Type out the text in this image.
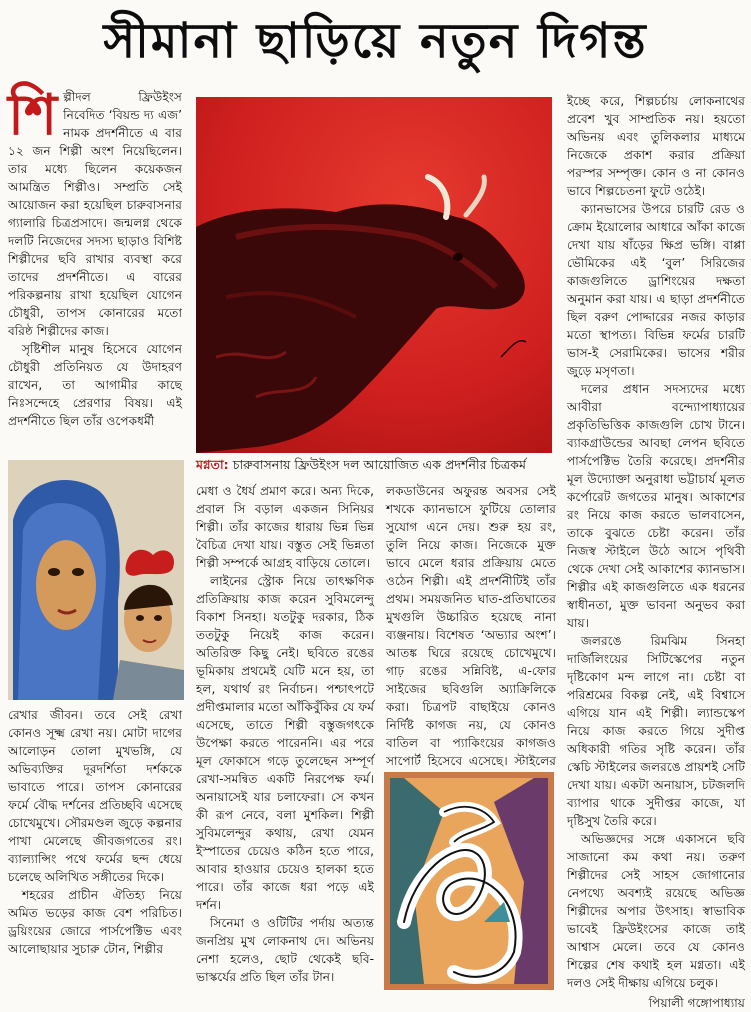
সীমানা ছাড়িয়ে নতুন দিগন্ত
শি ল্পীদল ফ্রিউইংস নিবেদিত ‘বিয়ন্ড দ্য এজ’ নামক প্রদর্শনীতে এ বার ১২ জন শিল্পী অংশ নিয়েছিলেন। তার মধ্যে ছিলেন কয়েকজন আমন্ত্রিত শিল্পীও। সম্প্রতি সেই আয়োজন করা হয়েছিল চারুবাসনার গ্যালারি চিত্রপ্রসাদে। জন্মলগ্ন থেকে দলটি নিজেদের সদস্য ছাড়াও বিশিষ্ট শিল্পীদের ছবি রাখার ব্যবস্থা করে তাদের প্রদর্শনীতে। এ বারের পরিকল্পনায় রাখা হয়েছিল যোগেন চৌধুরী, তাপস কোনারের মতো বরিষ্ঠ শিল্পীদের কাজ।

সৃষ্টিশীল মানুষ হিসেবে যোগেন চৌধুরী প্রতিনিয়ত যে উদাহরণ রাখেন, তা আগামীর কাছে নিঃসন্দেহে প্রেরণার বিষয়। এই প্রদর্শনীতে ছিল তাঁর ওপেকধর্মী

মগ্নতা: চারুবাসনায় ফ্রিউইংস দল আয়োজিত এক প্রদর্শনীর চিত্রকর্ম

রেখার জীবন। তবে সেই রেখা কোনও সূক্ষ্ম রেখা নয়। মোটা দাগের আলোড়ন তোলা মুখভঙ্গি, যে অভিব্যক্তির দূরদর্শিতা দর্শককে ভাবাতে পারে। তাপস কোনারের ফর্মে বৌদ্ধ দর্শনের প্রতিচ্ছবি এসেছে চোখেমুখে। সৌরমণ্ডল জুড়ে কল্পনার পাখা মেলেছে জীবজগতের রং। ব্যাল্যান্সিং পথে ফর্মের ছন্দ ধেয়ে চলেছে অলিখিত সঙ্গীতের দিকে।

শহরের প্রাচীন ঐতিহ্য নিয়ে অমিত ভড়ের কাজ বেশ পরিচিত। ড্রয়িংয়ের জোরে পার্সপেক্টিভ এবং আলোছায়ার সুচারু টোন, শিল্পীর

মেধা ও ধৈর্য প্রমাণ করে। অন্য দিকে, প্রবাল সি বড়াল একজন সিনিয়র শিল্পী। তাঁর কাজের ধারায় ভিন্ন ভিন্ন বৈচিত্র দেখা যায়। বস্তুত সেই ভিন্নতা শিল্পী সম্পর্কে আগ্রহ বাড়িয়ে তোলে।

লাইনের স্ট্রোক নিয়ে তাৎক্ষণিক প্রতিক্রিয়ায় কাজ করেন সুবিমলেন্দু বিকাশ সিনহা। যতটুকু দরকার, ঠিক ততটুকু নিয়েই কাজ করেন। অতিরিক্ত কিছু নেই। ছবিতে রঙের ভূমিকায় প্রথমেই যেটি মনে হয়, তা হল, যথার্থ রং নির্বাচন। পশ্চাৎপটে প্রদীপ্তমালার মতো আঁকিবুঁকির যে ফর্ম এসেছে, তাতে শিল্পী বস্তুজগৎকে উপেক্ষা করতে পারেননি। এর পরে মূল ফোকাসে গড়ে তুলেছেন সম্পূর্ণ রেখা-সমন্বিত একটি নিরপেক্ষ ফর্ম। অনায়াসেই যার চলাফেরা। সে কখন কী রূপ নেবে, বলা মুশকিল। শিল্পী সুবিমলেন্দুর কথায়, রেখা যেমন ইস্পাতের চেয়েও কঠিন হতে পারে, আবার হাওয়ার চেয়েও হালকা হতে পারে। তাঁর কাজে ধরা পড়ে এই দর্শন।

সিনেমা ও ওটিটির পর্দায় অত্যন্ত জনপ্রিয় মুখ লোকনাথ দে। অভিনয় নেশা হলেও, ছোট থেকেই ছবি-ভাস্কর্যের প্রতি ছিল তাঁর টান।

লকডাউনের অফুরন্ত অবসর সেই শখকে ক্যানভাসে ফুটিয়ে তোলার সুযোগ এনে দেয়। শুরু হয় রং, তুলি নিয়ে কাজ। নিজেকে মুক্ত ভাবে মেলে ধরার প্রক্রিয়ায় মেতে ওঠেন শিল্পী। এই প্রদর্শনীটিই তাঁর প্রথম। সময়জনিত ঘাত-প্রতিঘাতের মুখগুলি উচ্চারিত হয়েছে নানা ব্যঞ্জনায়। বিশেষত ‘অভ্যার অংশ’। আতঙ্ক ঘিরে রয়েছে চোখেমুখে। গাঢ় রঙের সন্নিবিষ্ট, এ-ফোর সাইজের ছবিগুলি অ্যাক্রিলিকে করা। চিত্রপট বাছাইয়ে কোনও নির্দিষ্ট কাগজ নয়, যে কোনও বাতিল বা প্যাকিংয়ের কাগজও সাপোর্ট হিসেবে এসেছে। স্টাইলের

ইচ্ছে করে, শিল্পচর্চায় লোকনাথের প্রবেশ খুব সাম্প্রতিক নয়। হয়তো অভিনয় এবং তুলিকলার মাধ্যমে নিজেকে প্রকাশ করার প্রক্রিয়া পরস্পর সম্পৃক্ত। কোন ও না কোনও ভাবে শিল্পচেতনা ফুটে ওঠেই।

ক্যানভাসের উপরে চারটি রেড ও ক্রোম ইয়োলোর আধারে আঁকা কাজে দেখা যায় ষাঁড়ের ক্ষিপ্র ভঙ্গি। বাপ্পা ভৌমিকের এই ‘বুল’ সিরিজের কাজগুলিতে ড্রাশিংয়ের দক্ষতা অনুমান করা যায়। এ ছাড়া প্রদর্শনীতে ছিল বরুণ পোদ্দারের নজর কাড়ার মতো স্থাপত্য। বিভিন্ন ফর্মের চারটি ভাস-ই সেরামিকের। ভাসের শরীর জুড়ে মসৃণতা।

দলের প্রধান সদস্যদের মধ্যে আবীরা বন্দ্যোপাধ্যায়ের প্রকৃতিভিত্তিক কাজগুলি চোখ টানে। ব্যাকগ্রাউন্ডের আবছা লেপন ছবিতে পার্সপেক্টিভ তৈরি করেছে। প্রদর্শনীর মূল উদ্যোক্তা অনুরাধা ভট্টাচার্য মূলত কর্পোরেট জগতের মানুষ। আকাশের রং নিয়ে কাজ করতে ভালবাসেন, তাকে বুঝতে চেষ্টা করেন। তাঁর নিজস্ব স্টাইলে উঠে আসে পৃথিবী থেকে দেখা সেই আকাশের ক্যানভাস। শিল্পীর এই কাজগুলিতে এক ধরনের স্বাধীনতা, মুক্ত ভাবনা অনুভব করা যায়।

জলরঙে রিমঝিম সিনহা দার্জিলিংয়ের সিটিস্কেপের নতুন দৃষ্টিকোণ মন্দ লাগে না। চেষ্টা বা পরিশ্রমের বিকল্প নেই, এই বিশ্বাসে এগিয়ে যান এই শিল্পী। ল্যান্ডস্কেপ নিয়ে কাজ করতে গিয়ে সুদীপ্ত অধিকারী গতির সৃষ্টি করেন। তাঁর স্কেচি স্টাইলের জলরঙে প্রায়শই সেটি দেখা যায়। একটা অনায়াস, চটজলদি ব্যাপার থাকে সুদীপ্তর কাজে, যা দৃষ্টিসুখ তৈরি করে।

অভিজ্ঞদের সঙ্গে একাসনে ছবি সাজানো কম কথা নয়। তরুণ শিল্পীদের সেই সাহস জোগানোর নেপথ্যে অবশ্যই রয়েছে অভিজ্ঞ শিল্পীদের অপার উৎসাহ। স্বাভাবিক ভাবেই ফ্রিউইংসের কাজে তাই আশ্বাস মেলে। তবে যে কোনও শিল্পের শেষ কথাই হল মগ্নতা। এই দলও সেই দীক্ষায় এগিয়ে চলুক।

পিয়ালী গঙ্গোপাধ্যায়
